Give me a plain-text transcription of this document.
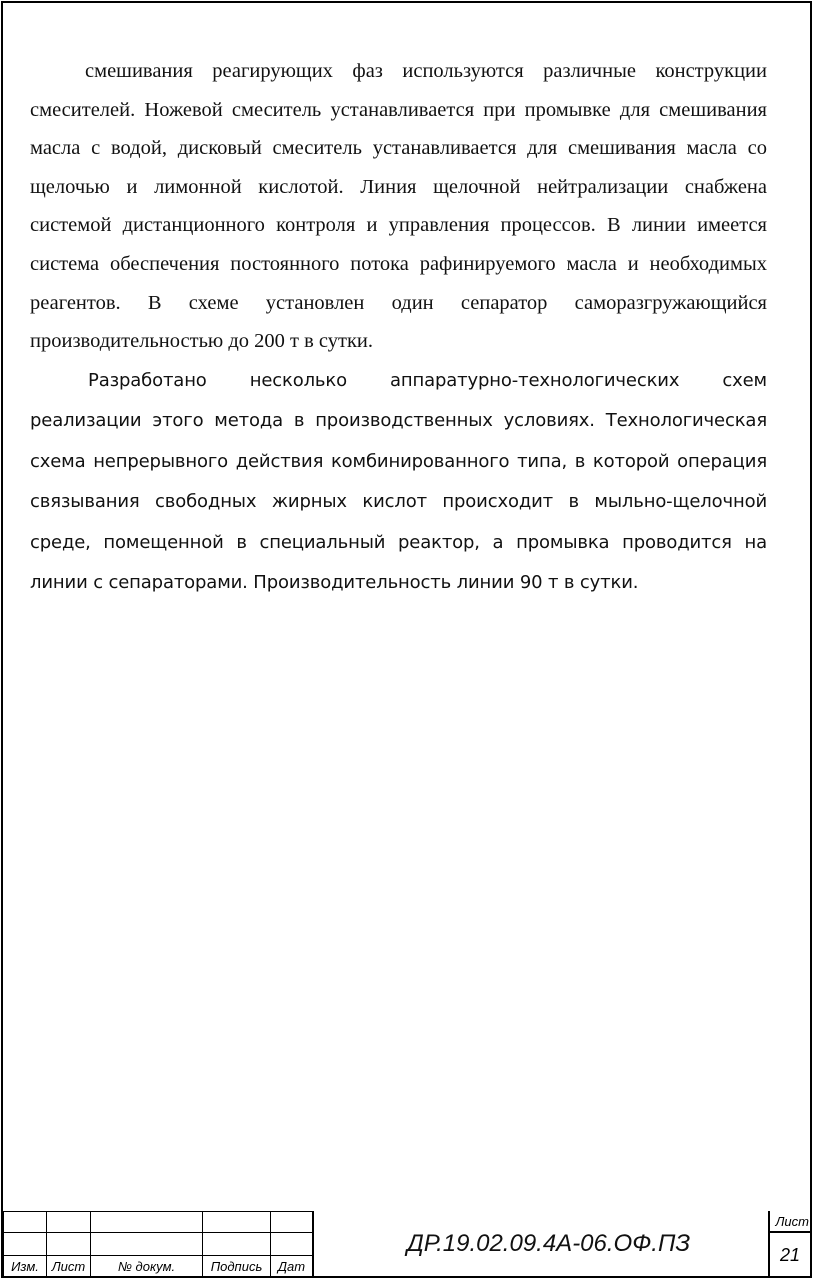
смешивания реагирующих фаз используются различные конструкции смесителей. Ножевой смеситель устанавливается при промывке для смешивания масла с водой, дисковый смеситель устанавливается для смешивания масла со щелочью и лимонной кислотой. Линия щелочной нейтрализации снабжена системой дистанционного контроля и управления процессов. В линии имеется система обеспечения постоянного потока рафинируемого масла и необходимых реагентов. В схеме установлен один сепаратор саморазгружающийся производительностью до 200 т в сутки.

Разработано несколько аппаратурно-технологических схем реализации этого метода в производственных условиях. Технологическая схема непрерывного действия комбинированного типа, в которой операция связывания свободных жирных кислот происходит в мыльно-щелочной среде, помещенной в специальный реактор, а промывка проводится на линии с сепараторами. Производительность линии 90 т в сутки.

Изм.	Лист	№ докум.	Подпись	Дат
ДР.19.02.09.4А-06.ОФ.ПЗ
Лист
21
